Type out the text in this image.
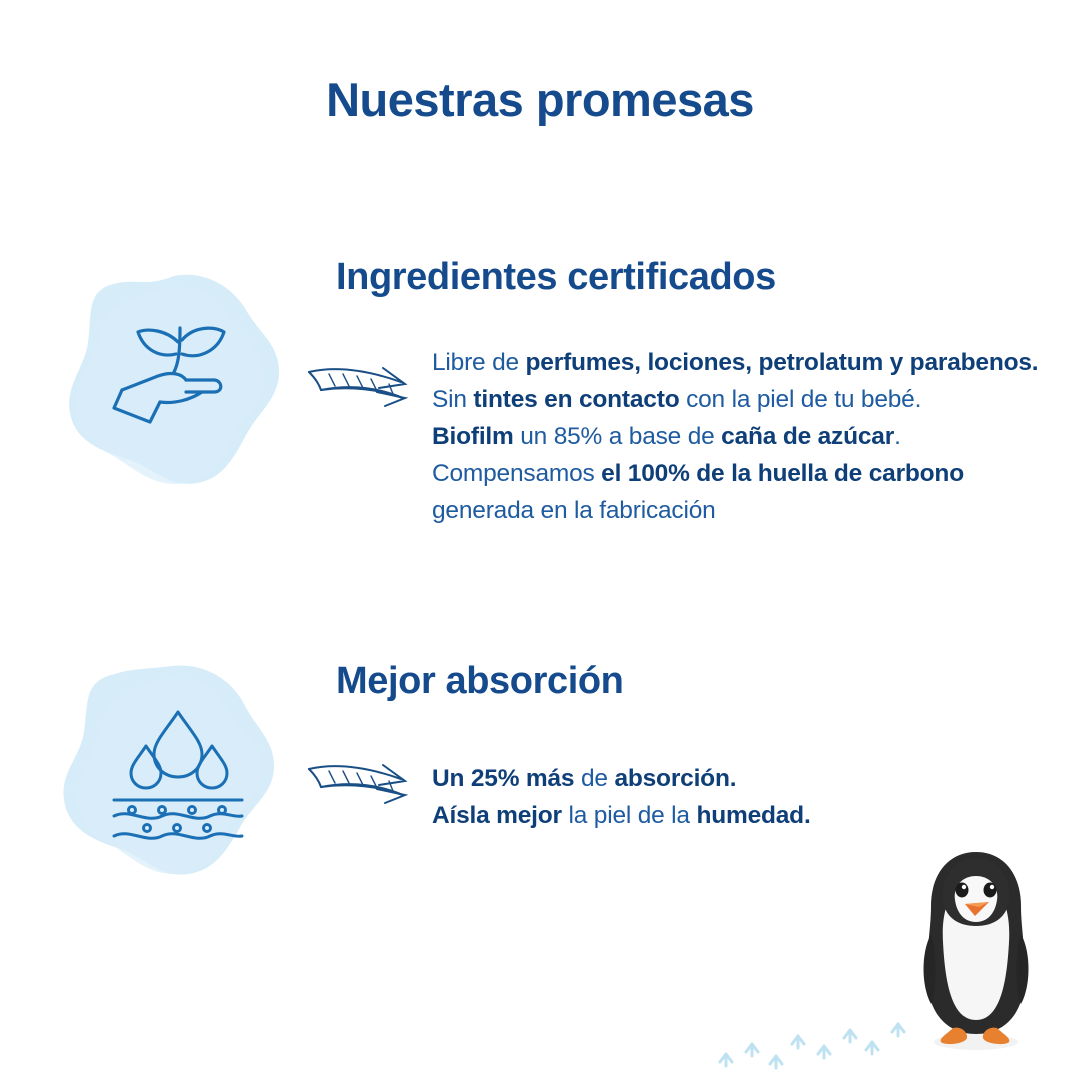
Nuestras promesas
Ingredientes certificados
Libre de perfumes, lociones, petrolatum y parabenos.
Sin tintes en contacto con la piel de tu bebé.
Biofilm un 85% a base de caña de azúcar.
Compensamos el 100% de la huella de carbono generada en la fabricación
Mejor absorción
Un 25% más de absorción.
Aísla mejor la piel de la humedad.
